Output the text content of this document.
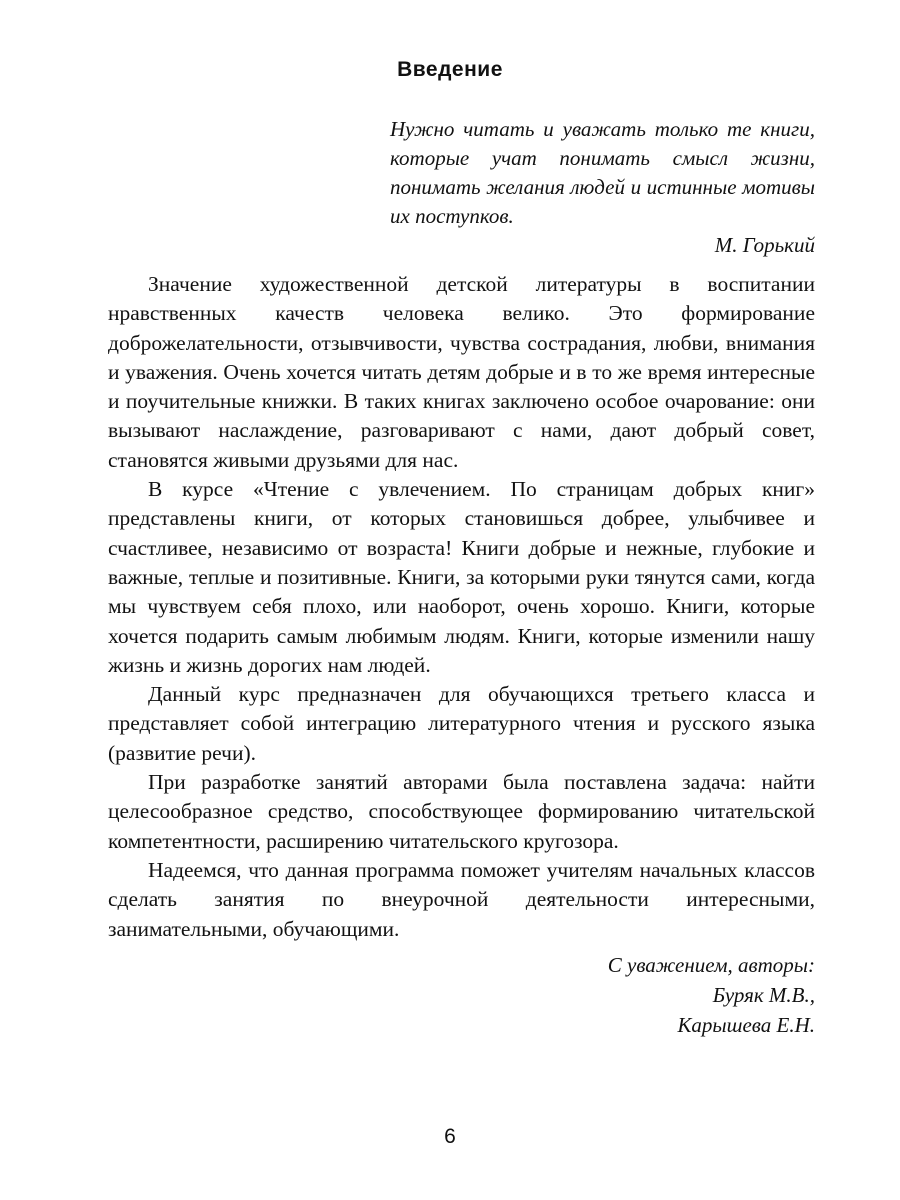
Введение
Нужно читать и уважать только те книги, которые учат понимать смысл жизни, понимать желания людей и истинные мотивы их поступков.
М. Горький

Значение художественной детской литературы в воспитании нравственных качеств человека велико. Это формирование доброжелательности, отзывчивости, чувства сострадания, любви, внимания и уважения. Очень хочется читать детям добрые и в то же время интересные и поучительные книжки. В таких книгах заключено особое очарование: они вызывают наслаждение, разговаривают с нами, дают добрый совет, становятся живыми друзьями для нас.

В курсе «Чтение с увлечением. По страницам добрых книг» представлены книги, от которых становишься добрее, улыбчивее и счастливее, независимо от возраста! Книги добрые и нежные, глубокие и важные, теплые и позитивные. Книги, за которыми руки тянутся сами, когда мы чувствуем себя плохо, или наоборот, очень хорошо. Книги, которые хочется подарить самым любимым людям. Книги, которые изменили нашу жизнь и жизнь дорогих нам людей.

Данный курс предназначен для обучающихся третьего класса и представляет собой интеграцию литературного чтения и русского языка (развитие речи).

При разработке занятий авторами была поставлена задача: найти целесообразное средство, способствующее формированию читательской компетентности, расширению читательского кругозора.

Надеемся, что данная программа поможет учителям начальных классов сделать занятия по внеурочной деятельности интересными, занимательными, обучающими.

С уважением, авторы:
Буряк М.В.,
Карышева Е.Н.
6
